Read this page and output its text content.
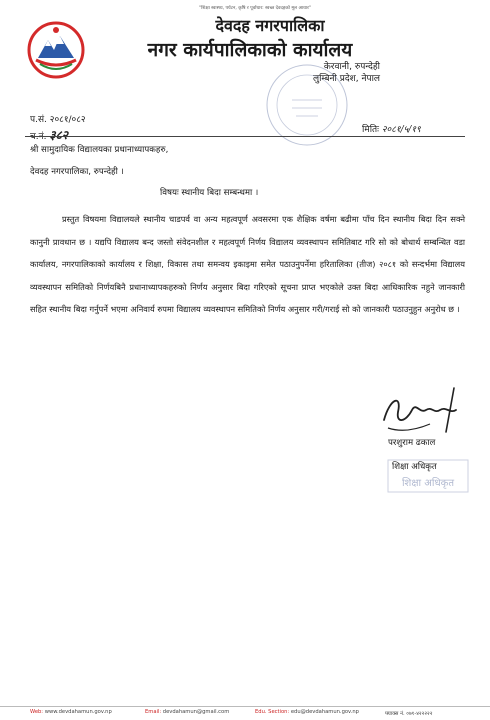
"शिक्षा स्वास्थ्य, पर्यटन, कृषि र पूर्वाधार: स्वच्छ देवदहको मूल आधार"
देवदह नगरपालिका
नगर कार्यपालिकाको कार्यालय
केरवानी, रुपन्देही
लुम्बिनी प्रदेश, नेपाल
प.सं. २०८१/०८२
च.नं. ३८२	मितिः २०८१/५/१९
श्री सामुदायिक विद्यालयका प्रधानाध्यापकहरु,
देवदह नगरपालिका, रुपन्देही ।
विषयः स्थानीय बिदा सम्बन्धमा ।

प्रस्तुत विषयमा विद्यालयले स्थानीय चाडपर्व वा अन्य महत्वपूर्ण अवसरमा एक शैक्षिक वर्षमा बढीमा पाँच दिन स्थानीय बिदा दिन सक्ने कानुनी प्रावधान छ । यद्यपि विद्यालय बन्द जस्तो संवेदनशील र महत्वपूर्ण निर्णय विद्यालय व्यवस्थापन समितिबाट गरि सो को बोधार्थ सम्बन्धित वडा कार्यालय, नगरपालिकाको कार्यालय र शिक्षा, विकास तथा समन्वय इकाइमा समेत पठाउनुपर्नेमा हरितालिका (तीज) २०८१ को सन्दर्भमा विद्यालय व्यवस्थापन समितिको निर्णयबिनै प्रधानाध्यापकहरुको निर्णय अनुसार बिदा गरिएको सूचना प्राप्त भएकोले उक्त बिदा आधिकारिक नहुने जानकारी सहित स्थानीय बिदा गर्नुपर्ने भएमा अनिवार्य रुपमा विद्यालय व्यवस्थापन समितिको निर्णय अनुसार गरी/गराई सो को जानकारी पठाउनुहुन अनुरोध छ ।

परशुराम ढकाल
शिक्षा अधिकृत
शिक्षा अधिकृत
Web: www.devdahamun.gov.np	Email: devdahamun@gmail.com	Edu. Section: edu@devdahamun.gov.np	फ्याक्स नं. ०७१-४२२२२२
